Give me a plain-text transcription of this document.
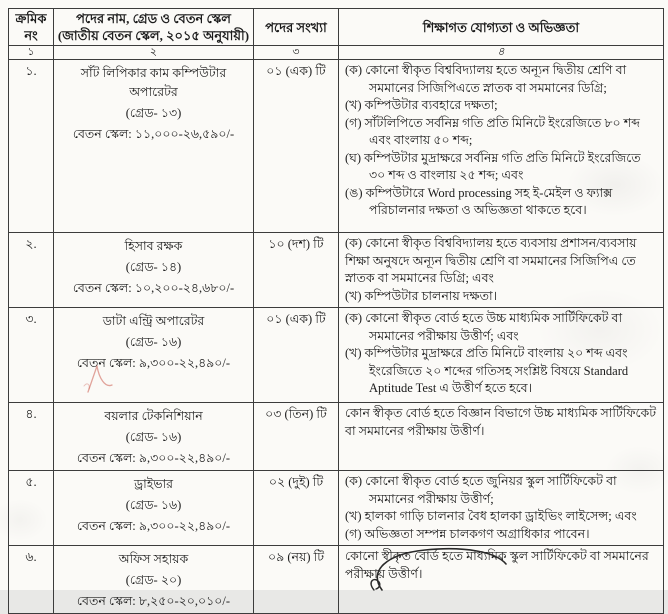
ক্রমিক
নং

পদের নাম, গ্রেড ও বেতন স্কেল
(জাতীয় বেতন স্কেল, ২০১৫ অনুযায়ী)
	পদের সংখ্যা	শিক্ষাগত যোগ্যতা ও অভিজ্ঞতা
১	২	৩	৪
১.	সাঁট লিপিকার কাম কম্পিউটার অপারেটর
(গ্রেড- ১৩)
বেতন স্কেল: ১১,০০০-২৬,৫৯০/-
	০১ (এক) টি	(ক) কোনো স্বীকৃত বিশ্ববিদ্যালয় হতে অন্যূন দ্বিতীয় শ্রেণি বা সমমানের সিজিপিএতে স্নাতক বা সমমানের ডিগ্রি;
(খ) কম্পিউটার ব্যবহারে দক্ষতা;
(গ) সাঁটলিপিতে সর্বনিম্ন গতি প্রতি মিনিটে ইংরেজিতে ৮০ শব্দ এবং বাংলায় ৫০ শব্দ;
(ঘ) কম্পিউটার মুদ্রাক্ষরে সর্বনিম্ন গতি প্রতি মিনিটে ইংরেজিতে ৩০ শব্দ ও বাংলায় ২৫ শব্দ; এবং
(ঙ) কম্পিউটারে Word processing সহ ই-মেইল ও ফ্যাক্স পরিচালনার দক্ষতা ও অভিজ্ঞতা থাকতে হবে।

২.	হিসাব রক্ষক
(গ্রেড- ১৪)
বেতন স্কেল: ১০,২০০-২৪,৬৮০/-
	১০ (দশ) টি	(ক) কোনো স্বীকৃত বিশ্ববিদ্যালয় হতে ব্যবসায় প্রশাসন/ব্যবসায় শিক্ষা অনুষদে অন্যূন দ্বিতীয় শ্রেণি বা সমমানের সিজিপিএ তে স্নাতক বা সমমানের ডিগ্রি; এবং
(খ) কম্পিউটার চালনায় দক্ষতা।

৩.	ডাটা এন্ট্রি অপারেটর
(গ্রেড- ১৬)
বেতন স্কেল: ৯,৩০০-২২,৪৯০/-
	০১ (এক) টি	(ক) কোনো স্বীকৃত বোর্ড হতে উচ্চ মাধ্যমিক সার্টিফিকেট বা সমমানের পরীক্ষায় উত্তীর্ণ; এবং
(খ) কম্পিউটার মুদ্রাক্ষরে প্রতি মিনিটে বাংলায় ২০ শব্দ এবং ইংরেজিতে ২০ শব্দের গতিসহ সংশ্লিষ্ট বিষয়ে Standard Aptitude Test এ উত্তীর্ণ হতে হবে।

৪.	বয়লার টেকনিশিয়ান
(গ্রেড- ১৬)
বেতন স্কেল: ৯,৩০০-২২,৪৯০/-	০৩ (তিন) টি	কোন স্বীকৃত বোর্ড হতে বিজ্ঞান বিভাগে উচ্চ মাধ্যমিক সার্টিফিকেট বা সমমানের পরীক্ষায় উত্তীর্ণ।

৫.	ড্রাইভার
(গ্রেড- ১৬)
বেতন স্কেল: ৯,৩০০-২২,৪৯০/-
	০২ (দুই) টি	(ক) কোনো স্বীকৃত বোর্ড হতে জুনিয়র স্কুল সার্টিফিকেট বা সমমানের পরীক্ষায় উত্তীর্ণ;
(খ) হালকা গাড়ি চালনার বৈধ হালকা ড্রাইভিং লাইসেন্স; এবং
(গ) অভিজ্ঞতা সম্পন্ন চালকগণ অগ্রাধিকার পাবেন।

৬.	অফিস সহায়ক
(গ্রেড- ২০)
বেতন স্কেল: ৮,২৫০-২০,০১০/-	০৯ (নয়) টি	কোনো স্বীকৃত বোর্ড হতে মাধ্যমিক স্কুল সার্টিফিকেট বা সমমানের পরীক্ষায় উত্তীর্ণ।
